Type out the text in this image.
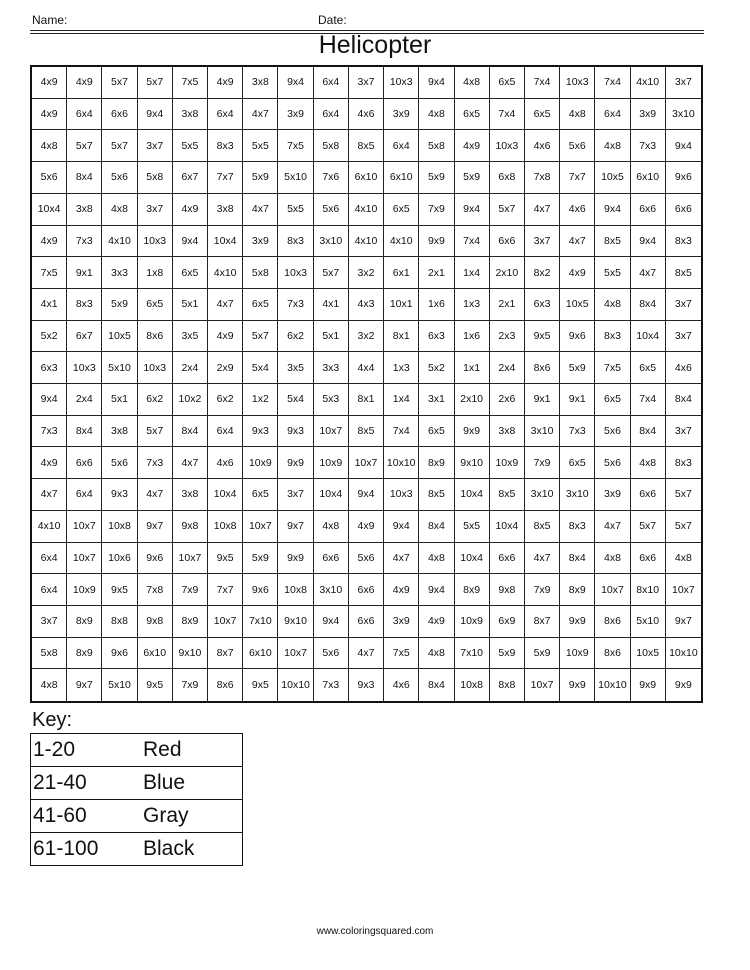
Name:	Date:
Helicopter
4x9	4x9	5x7	5x7	7x5	4x9	3x8	9x4	6x4	3x7	10x3	9x4	4x8	6x5	7x4	10x3	7x4	4x10	3x7
4x9	6x4	6x6	9x4	3x8	6x4	4x7	3x9	6x4	4x6	3x9	4x8	6x5	7x4	6x5	4x8	6x4	3x9	3x10
4x8	5x7	5x7	3x7	5x5	8x3	5x5	7x5	5x8	8x5	6x4	5x8	4x9	10x3	4x6	5x6	4x8	7x3	9x4
5x6	8x4	5x6	5x8	6x7	7x7	5x9	5x10	7x6	6x10	6x10	5x9	5x9	6x8	7x8	7x7	10x5	6x10	9x6
10x4	3x8	4x8	3x7	4x9	3x8	4x7	5x5	5x6	4x10	6x5	7x9	9x4	5x7	4x7	4x6	9x4	6x6	6x6
4x9	7x3	4x10	10x3	9x4	10x4	3x9	8x3	3x10	4x10	4x10	9x9	7x4	6x6	3x7	4x7	8x5	9x4	8x3
7x5	9x1	3x3	1x8	6x5	4x10	5x8	10x3	5x7	3x2	6x1	2x1	1x4	2x10	8x2	4x9	5x5	4x7	8x5
4x1	8x3	5x9	6x5	5x1	4x7	6x5	7x3	4x1	4x3	10x1	1x6	1x3	2x1	6x3	10x5	4x8	8x4	3x7
5x2	6x7	10x5	8x6	3x5	4x9	5x7	6x2	5x1	3x2	8x1	6x3	1x6	2x3	9x5	9x6	8x3	10x4	3x7
6x3	10x3	5x10	10x3	2x4	2x9	5x4	3x5	3x3	4x4	1x3	5x2	1x1	2x4	8x6	5x9	7x5	6x5	4x6
9x4	2x4	5x1	6x2	10x2	6x2	1x2	5x4	5x3	8x1	1x4	3x1	2x10	2x6	9x1	9x1	6x5	7x4	8x4
7x3	8x4	3x8	5x7	8x4	6x4	9x3	9x3	10x7	8x5	7x4	6x5	9x9	3x8	3x10	7x3	5x6	8x4	3x7
4x9	6x6	5x6	7x3	4x7	4x6	10x9	9x9	10x9	10x7 10x10	8x9	9x10	10x9	7x9	6x5	5x6	4x8	8x3
4x7	6x4	9x3	4x7	3x8	10x4	6x5	3x7	10x4	9x4	10x3	8x5	10x4	8x5	3x10	3x10	3x9	6x6	5x7
4x10	10x7	10x8	9x7	9x8	10x8	10x7	9x7	4x8	4x9	9x4	8x4	5x5	10x4	8x5	8x3	4x7	5x7	5x7
6x4	10x7	10x6	9x6	10x7	9x5	5x9	9x9	6x6	5x6	4x7	4x8	10x4	6x6	4x7	8x4	4x8	6x6	4x8
6x4	10x9	9x5	7x8	7x9	7x7	9x6	10x8	3x10	6x6	4x9	9x4	8x9	9x8	7x9	8x9	10x7	8x10	10x7
3x7	8x9	8x8	9x8	8x9	10x7	7x10	9x10	9x4	6x6	3x9	4x9	10x9	6x9	8x7	9x9	8x6	5x10	9x7
5x8	8x9	9x6	6x10	9x10	8x7	6x10	10x7	5x6	4x7	7x5	4x8	7x10	5x9	5x9	10x9	8x6	10x5 10x10
4x8	9x7	5x10	9x5	7x9	8x6	9x5	10x10	7x3	9x3	4x6	8x4	10x8	8x8	10x7	9x9	10x10	9x9	9x9
Key:
1-20	Red
21-40	Blue
41-60	Gray
61-100	Black
www.coloringsquared.com
